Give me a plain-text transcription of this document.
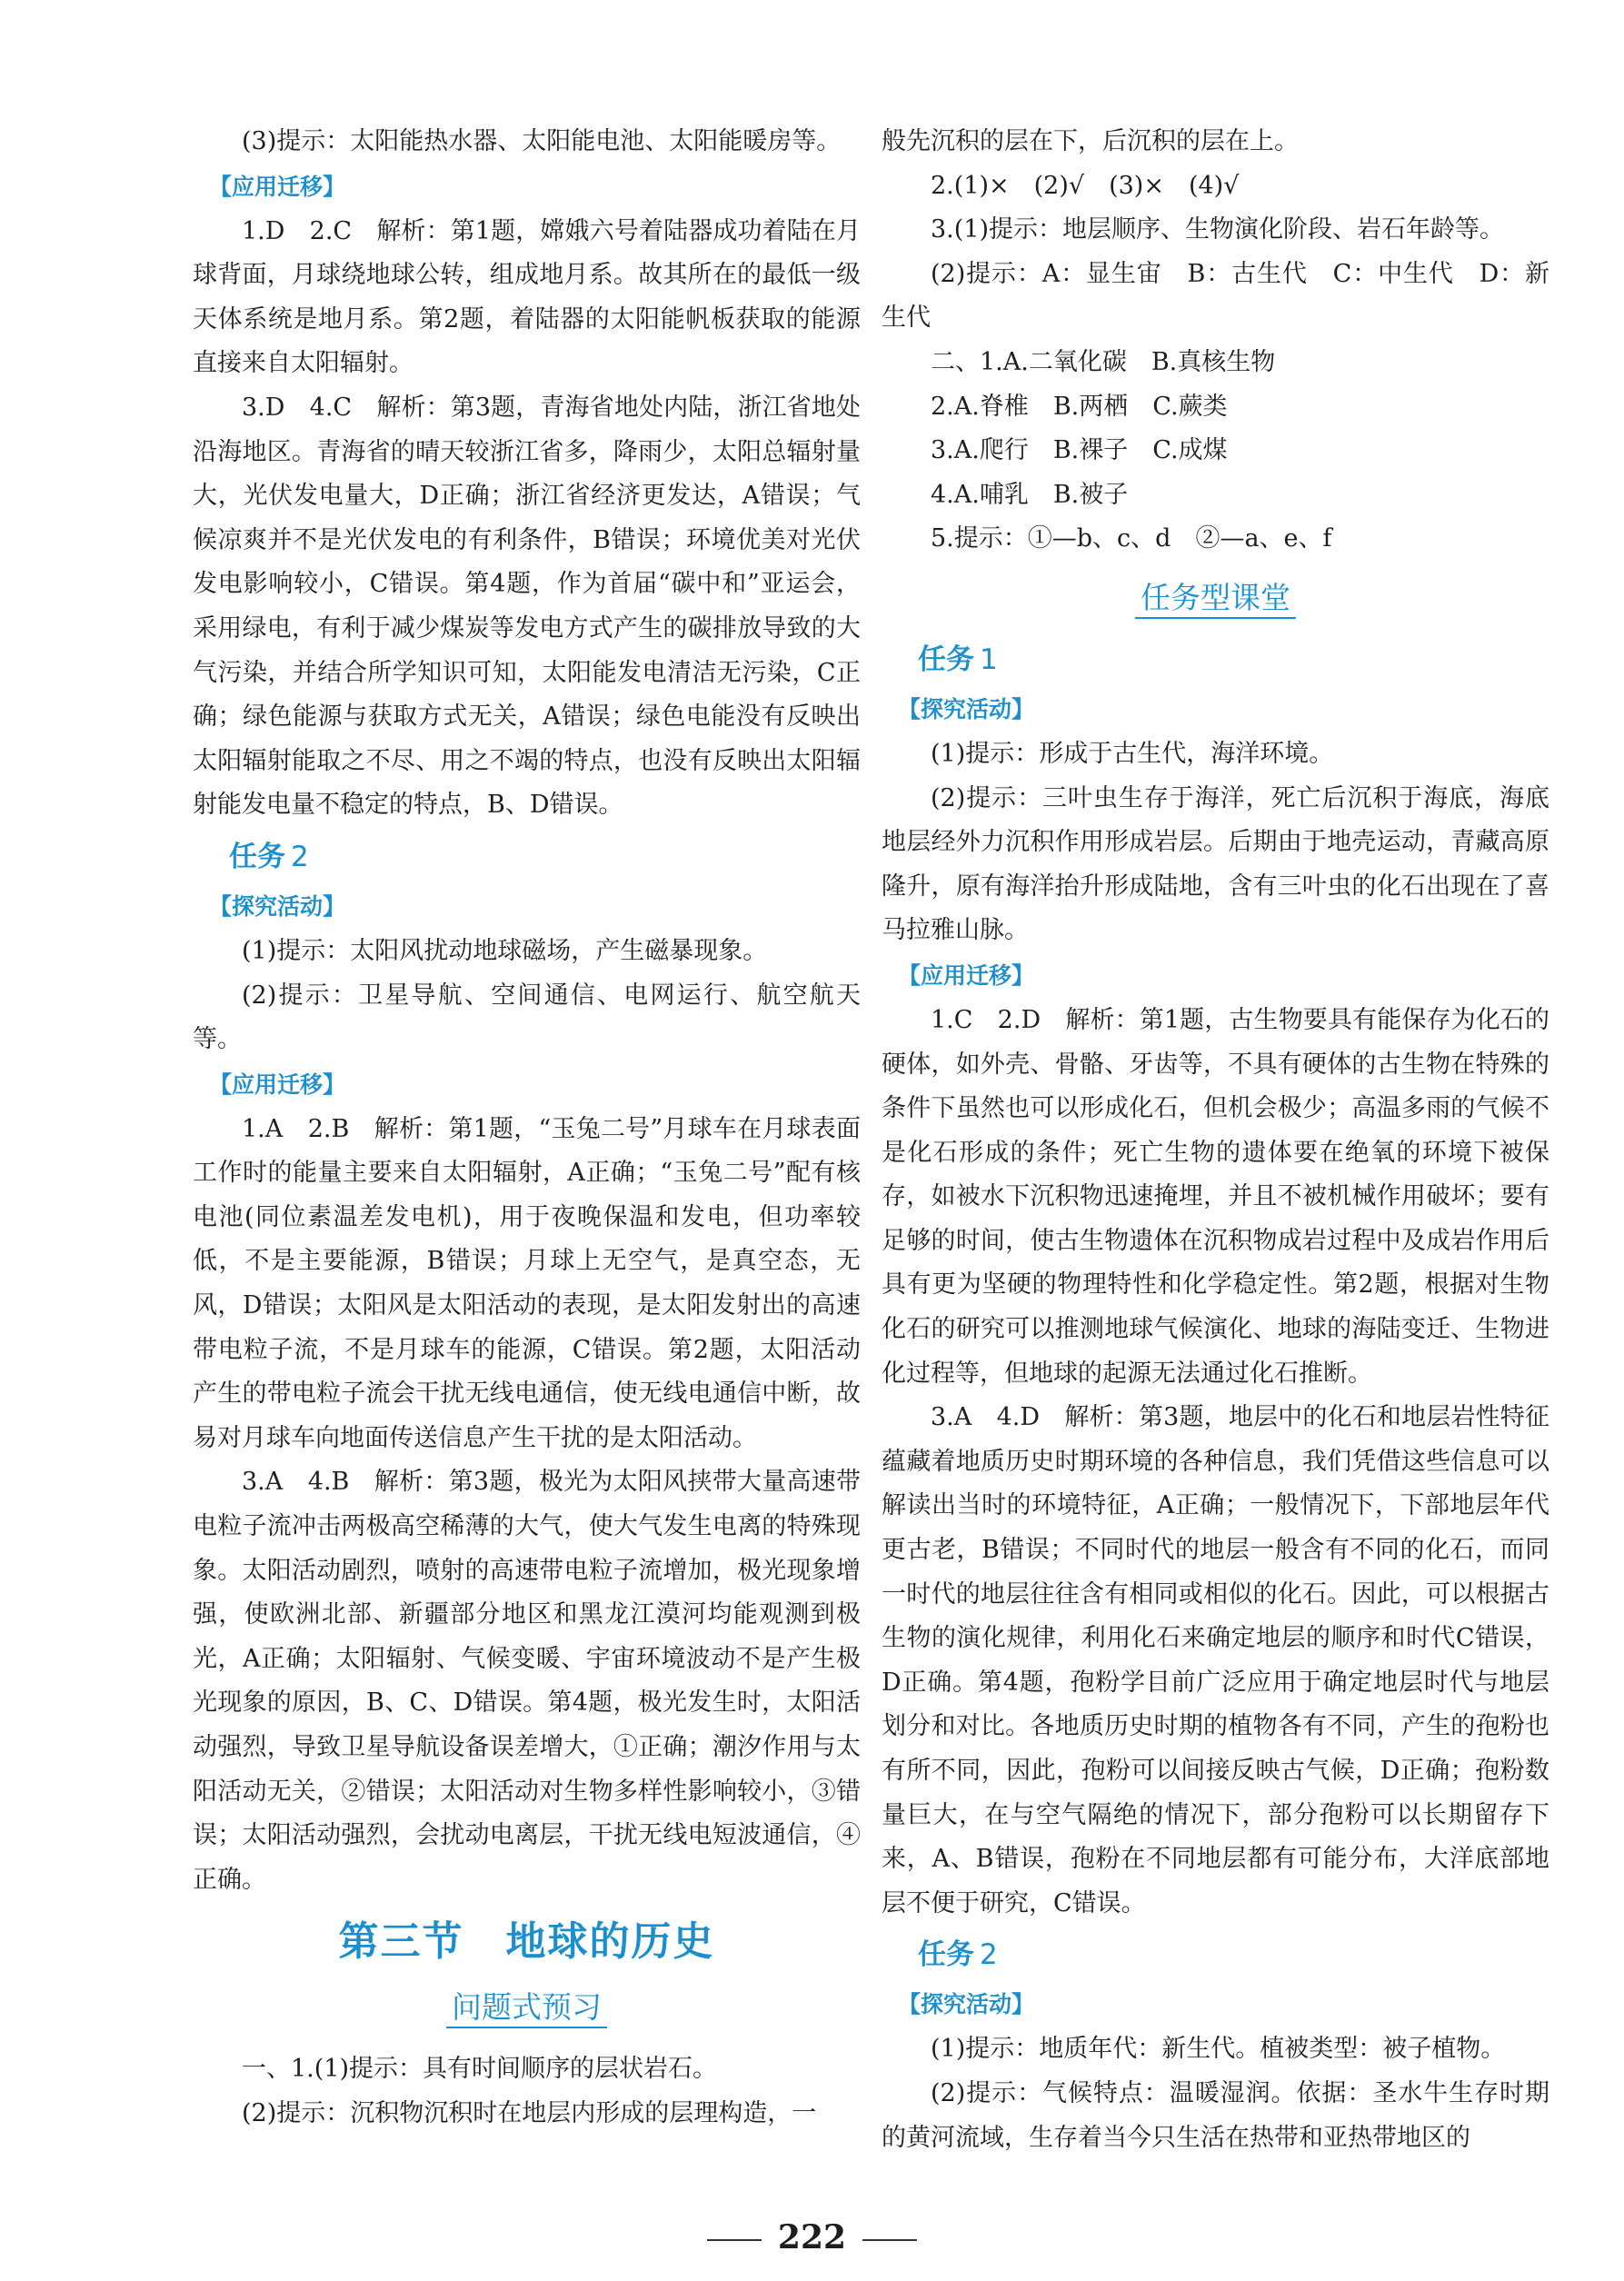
(3)提示：太阳能热水器、太阳能电池、太阳能暖房等。

【应用迁移】

1.D　2.C　解析：第1题，嫦娥六号着陆器成功着陆在月球背面，月球绕地球公转，组成地月系。故其所在的最低一级天体系统是地月系。第2题，着陆器的太阳能帆板获取的能源直接来自太阳辐射。

3.D　4.C　解析：第3题，青海省地处内陆，浙江省地处沿海地区。青海省的晴天较浙江省多，降雨少，太阳总辐射量大，光伏发电量大，D正确；浙江省经济更发达，A错误；气候凉爽并不是光伏发电的有利条件，B错误；环境优美对光伏发电影响较小，C错误。第4题，作为首届“碳中和”亚运会，采用绿电，有利于减少煤炭等发电方式产生的碳排放导致的大气污染，并结合所学知识可知，太阳能发电清洁无污染，C正确；绿色能源与获取方式无关，A错误；绿色电能没有反映出太阳辐射能取之不尽、用之不竭的特点，也没有反映出太阳辐射能发电量不稳定的特点，B、D错误。

任务 2
【探究活动】

(1)提示：太阳风扰动地球磁场，产生磁暴现象。

(2)提示：卫星导航、空间通信、电网运行、航空航天等。

【应用迁移】

1.A　2.B　解析：第1题，“玉兔二号”月球车在月球表面工作时的能量主要来自太阳辐射，A正确；“玉兔二号”配有核电池(同位素温差发电机)，用于夜晚保温和发电，但功率较低，不是主要能源，B错误；月球上无空气，是真空态，无风，D错误；太阳风是太阳活动的表现，是太阳发射出的高速带电粒子流，不是月球车的能源，C错误。第2题，太阳活动产生的带电粒子流会干扰无线电通信，使无线电通信中断，故易对月球车向地面传送信息产生干扰的是太阳活动。

3.A　4.B　解析：第3题，极光为太阳风挟带大量高速带电粒子流冲击两极高空稀薄的大气，使大气发生电离的特殊现象。太阳活动剧烈，喷射的高速带电粒子流增加，极光现象增强，使欧洲北部、新疆部分地区和黑龙江漠河均能观测到极光，A正确；太阳辐射、气候变暖、宇宙环境波动不是产生极光现象的原因，B、C、D错误。第4题，极光发生时，太阳活动强烈，导致卫星导航设备误差增大，①正确；潮汐作用与太阳活动无关，②错误；太阳活动对生物多样性影响较小，③错误；太阳活动强烈，会扰动电离层，干扰无线电短波通信，④正确。

第三节　地球的历史
问题式预习

一、1.(1)提示：具有时间顺序的层状岩石。

(2)提示：沉积物沉积时在地层内形成的层理构造，一

般先沉积的层在下，后沉积的层在上。

2.(1)×　(2)√　(3)×　(4)√

3.(1)提示：地层顺序、生物演化阶段、岩石年龄等。

(2)提示：A：显生宙　B：古生代　C：中生代　D：新生代

二、1.A.二氧化碳　B.真核生物

2.A.脊椎　B.两栖　C.蕨类

3.A.爬行　B.裸子　C.成煤

4.A.哺乳　B.被子

5.提示：①—b、c、d　②—a、e、f

任务型课堂
任务 1
【探究活动】

(1)提示：形成于古生代，海洋环境。

(2)提示：三叶虫生存于海洋，死亡后沉积于海底，海底地层经外力沉积作用形成岩层。后期由于地壳运动，青藏高原隆升，原有海洋抬升形成陆地，含有三叶虫的化石出现在了喜马拉雅山脉。

【应用迁移】

1.C　2.D　解析：第1题，古生物要具有能保存为化石的硬体，如外壳、骨骼、牙齿等，不具有硬体的古生物在特殊的条件下虽然也可以形成化石，但机会极少；高温多雨的气候不是化石形成的条件；死亡生物的遗体要在绝氧的环境下被保存，如被水下沉积物迅速掩埋，并且不被机械作用破坏；要有足够的时间，使古生物遗体在沉积物成岩过程中及成岩作用后具有更为坚硬的物理特性和化学稳定性。第2题，根据对生物化石的研究可以推测地球气候演化、地球的海陆变迁、生物进化过程等，但地球的起源无法通过化石推断。

3.A　4.D　解析：第3题，地层中的化石和地层岩性特征蕴藏着地质历史时期环境的各种信息，我们凭借这些信息可以解读出当时的环境特征，A正确；一般情况下，下部地层年代更古老，B错误；不同时代的地层一般含有不同的化石，而同一时代的地层往往含有相同或相似的化石。因此，可以根据古生物的演化规律，利用化石来确定地层的顺序和时代C错误，D正确。第4题，孢粉学目前广泛应用于确定地层时代与地层划分和对比。各地质历史时期的植物各有不同，产生的孢粉也有所不同，因此，孢粉可以间接反映古气候，D正确；孢粉数量巨大，在与空气隔绝的情况下，部分孢粉可以长期留存下来，A、B错误，孢粉在不同地层都有可能分布，大洋底部地层不便于研究，C错误。

任务 2
【探究活动】

(1)提示：地质年代：新生代。植被类型：被子植物。

(2)提示：气候特点：温暖湿润。依据：圣水牛生存时期的黄河流域，生存着当今只生活在热带和亚热带地区的

222
